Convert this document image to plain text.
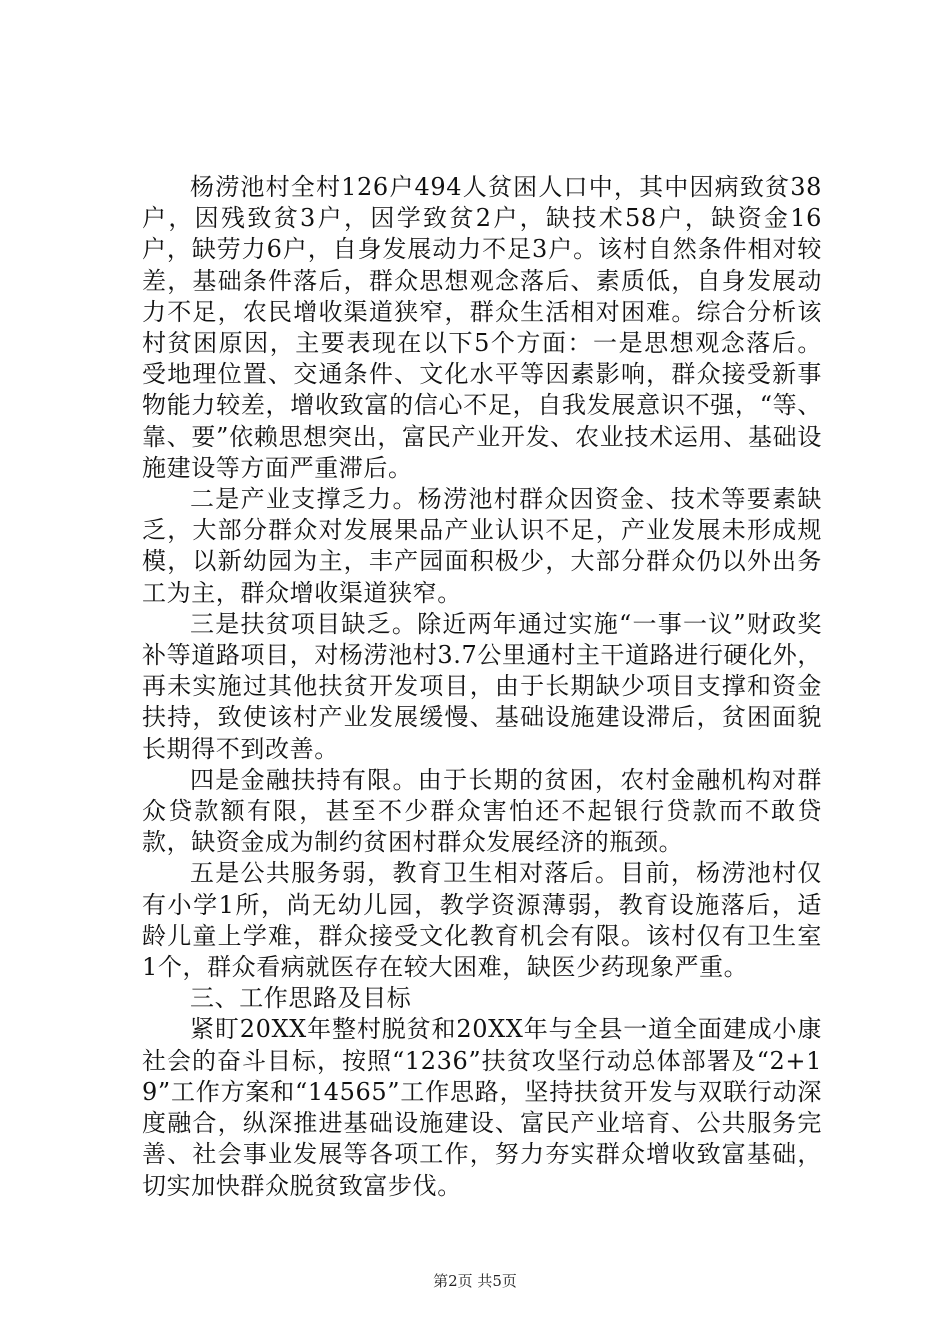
杨涝池村全村126户494人贫困人口中，其中因病致贫38户，因残致贫3户，因学致贫2户，缺技术58户，缺资金16户，缺劳力6户，自身发展动力不足3户。该村自然条件相对较差，基础条件落后，群众思想观念落后、素质低，自身发展动力不足，农民增收渠道狭窄，群众生活相对困难。综合分析该村贫困原因，主要表现在以下5个方面：一是思想观念落后。受地理位置、交通条件、文化水平等因素影响，群众接受新事物能力较差，增收致富的信心不足，自我发展意识不强，“等、靠、要”依赖思想突出，富民产业开发、农业技术运用、基础设施建设等方面严重滞后。

二是产业支撑乏力。杨涝池村群众因资金、技术等要素缺乏，大部分群众对发展果品产业认识不足，产业发展未形成规模，以新幼园为主，丰产园面积极少，大部分群众仍以外出务工为主，群众增收渠道狭窄。

三是扶贫项目缺乏。除近两年通过实施“一事一议”财政奖补等道路项目，对杨涝池村3.7公里通村主干道路进行硬化外，再未实施过其他扶贫开发项目，由于长期缺少项目支撑和资金扶持，致使该村产业发展缓慢、基础设施建设滞后，贫困面貌长期得不到改善。

四是金融扶持有限。由于长期的贫困，农村金融机构对群众贷款额有限，甚至不少群众害怕还不起银行贷款而不敢贷款，缺资金成为制约贫困村群众发展经济的瓶颈。

五是公共服务弱，教育卫生相对落后。目前，杨涝池村仅有小学1所，尚无幼儿园，教学资源薄弱，教育设施落后，适龄儿童上学难，群众接受文化教育机会有限。该村仅有卫生室1个，群众看病就医存在较大困难，缺医少药现象严重。

三、工作思路及目标

紧盯20XX年整村脱贫和20XX年与全县一道全面建成小康社会的奋斗目标，按照“1236”扶贫攻坚行动总体部署及“2+19”工作方案和“14565”工作思路，坚持扶贫开发与双联行动深度融合，纵深推进基础设施建设、富民产业培育、公共服务完善、社会事业发展等各项工作，努力夯实群众增收致富基础，切实加快群众脱贫致富步伐。

第2页 共5页
